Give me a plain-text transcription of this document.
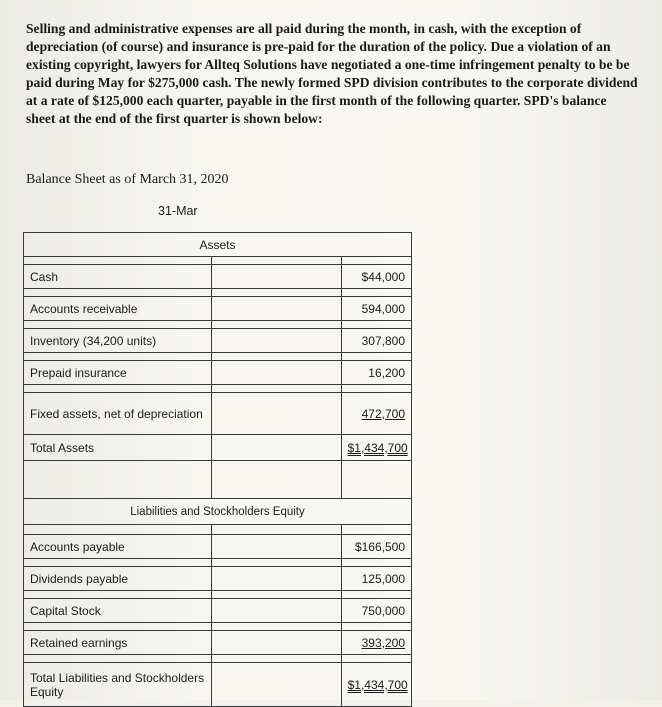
Selling and administrative expenses are all paid during the month, in cash, with the exception of depreciation (of course) and insurance is pre-paid for the duration of the policy. Due a violation of an existing copyright, lawyers for Allteq Solutions have negotiated a one-time infringement penalty to be be paid during May for $275,000 cash. The newly formed SPD division contributes to the corporate dividend at a rate of $125,000 each quarter, payable in the first month of the following quarter. SPD's balance sheet at the end of the first quarter is shown below:

Balance Sheet as of March 31, 2020
31-Mar
Assets		

Cash		$44,000

Accounts receivable		594,000

Inventory (34,200 units)		307,800

Prepaid insurance		16,200

Fixed assets, net of depreciation		472,700
Total Assets		$1,434,700

Liabilities and Stockholders Equity		

Accounts payable		$166,500

Dividends payable		125,000

Capital Stock		750,000

Retained earnings		393,200

Total Liabilities and Stockholders Equity		$1,434,700
